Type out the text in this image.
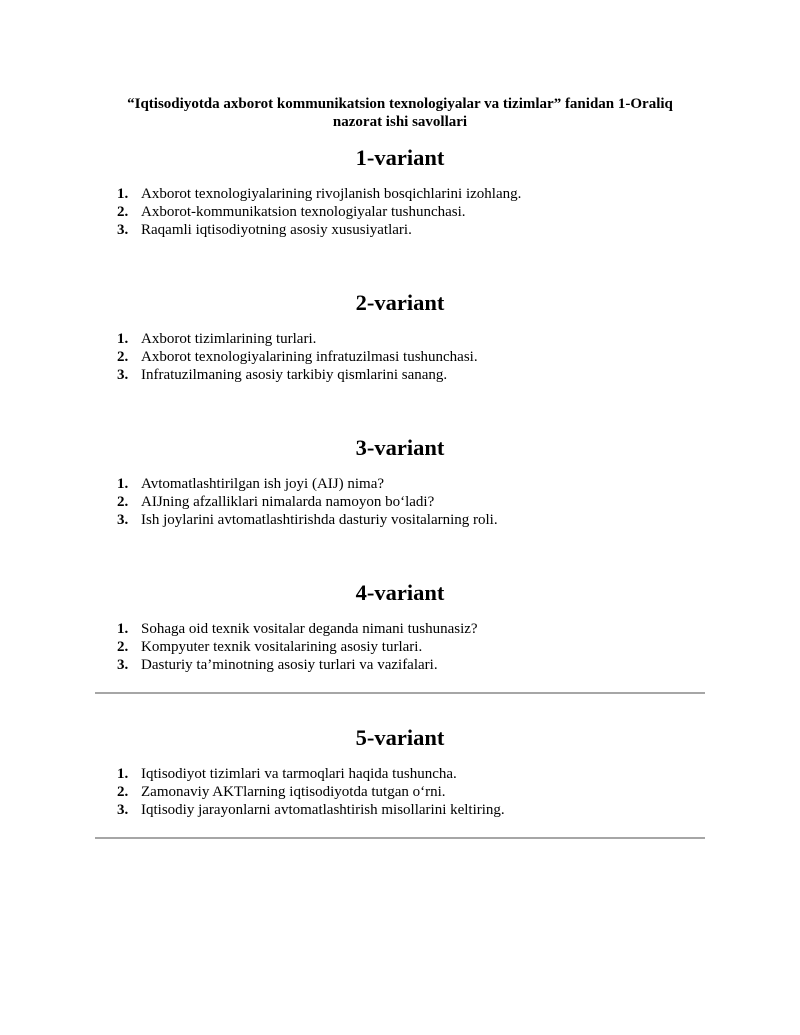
“Iqtisodiyotda axborot kommunikatsion texnologiyalar va tizimlar” fanidan 1-Oraliq
nazorat ishi savollari
1-variant
1. Axborot texnologiyalarining rivojlanish bosqichlarini izohlang.
2. Axborot-kommunikatsion texnologiyalar tushunchasi.
3. Raqamli iqtisodiyotning asosiy xususiyatlari.
2-variant
1. Axborot tizimlarining turlari.
2. Axborot texnologiyalarining infratuzilmasi tushunchasi.
3. Infratuzilmaning asosiy tarkibiy qismlarini sanang.
3-variant
1. Avtomatlashtirilgan ish joyi (AIJ) nima?
2. AIJning afzalliklari nimalarda namoyon bo‘ladi?
3. Ish joylarini avtomatlashtirishda dasturiy vositalarning roli.
4-variant
1. Sohaga oid texnik vositalar deganda nimani tushunasiz?
2. Kompyuter texnik vositalarining asosiy turlari.
3. Dasturiy ta’minotning asosiy turlari va vazifalari.
5-variant
1. Iqtisodiyot tizimlari va tarmoqlari haqida tushuncha.
2. Zamonaviy AKTlarning iqtisodiyotda tutgan o‘rni.
3. Iqtisodiy jarayonlarni avtomatlashtirish misollarini keltiring.
